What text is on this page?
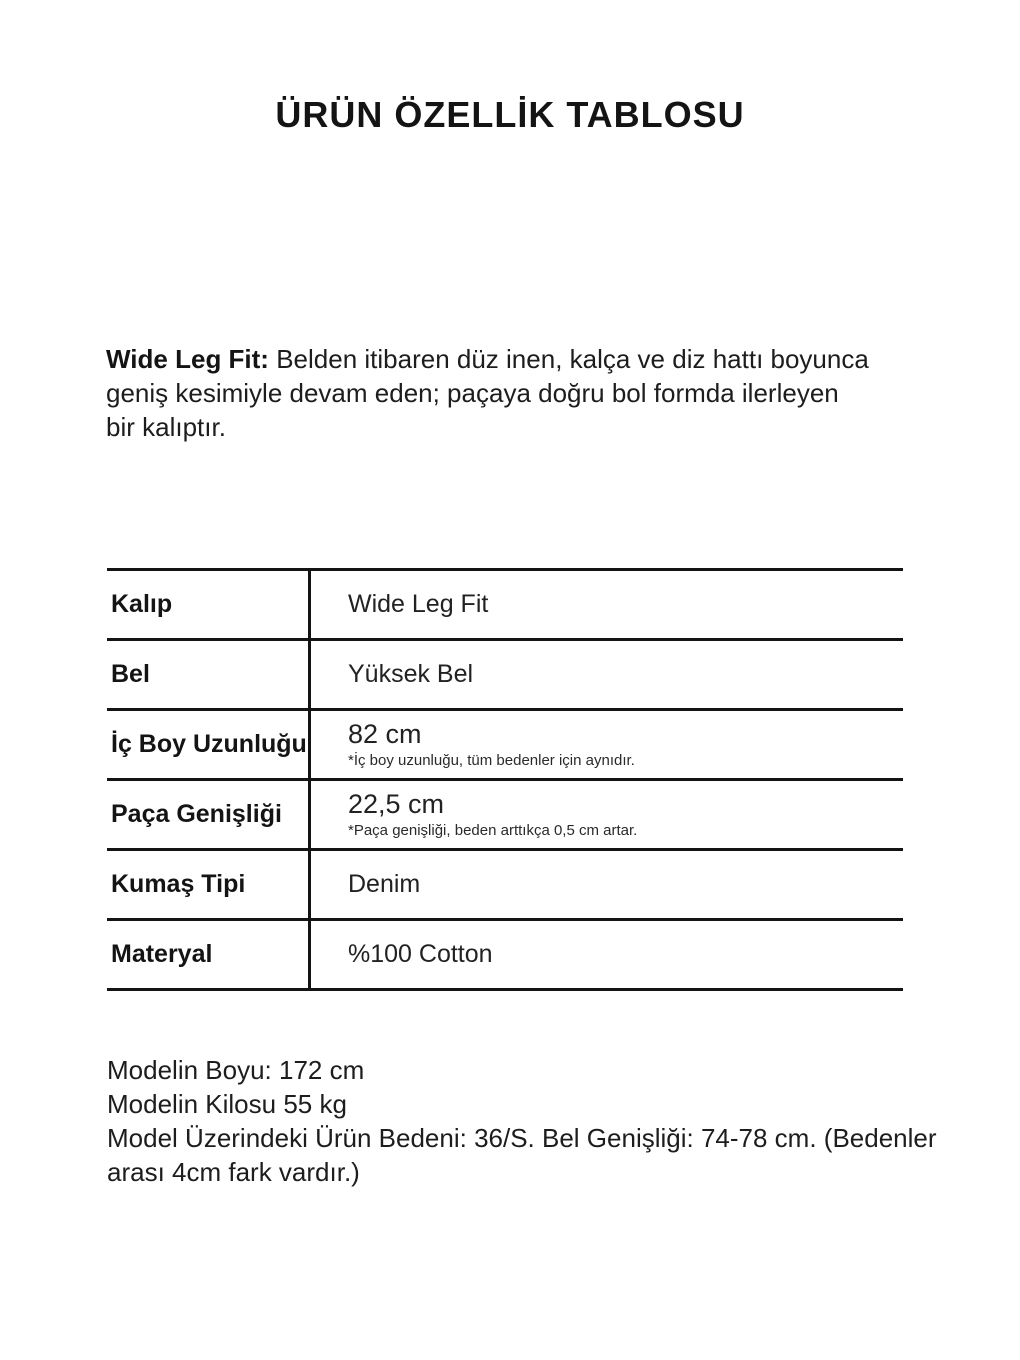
ÜRÜN ÖZELLİK TABLOSU
Wide Leg Fit: Belden itibaren düz inen, kalça ve diz hattı boyunca
geniş kesimiyle devam eden; paçaya doğru bol formda ilerleyen
bir kalıptır.
Kalıp	Wide Leg Fit
Bel	Yüksek Bel
İç Boy Uzunluğu 82 cm
*İç boy uzunluğu, tüm bedenler için aynıdır.
Paça Genişliği	22,5 cm
*Paça genişliği, beden arttıkça 0,5 cm artar.
Kumaş Tipi	Denim
Materyal	%100 Cotton
Modelin Boyu: 172 cm
Modelin Kilosu 55 kg
Model Üzerindeki Ürün Bedeni: 36/S. Bel Genişliği: 74-78 cm. (Bedenler
arası 4cm fark vardır.)
